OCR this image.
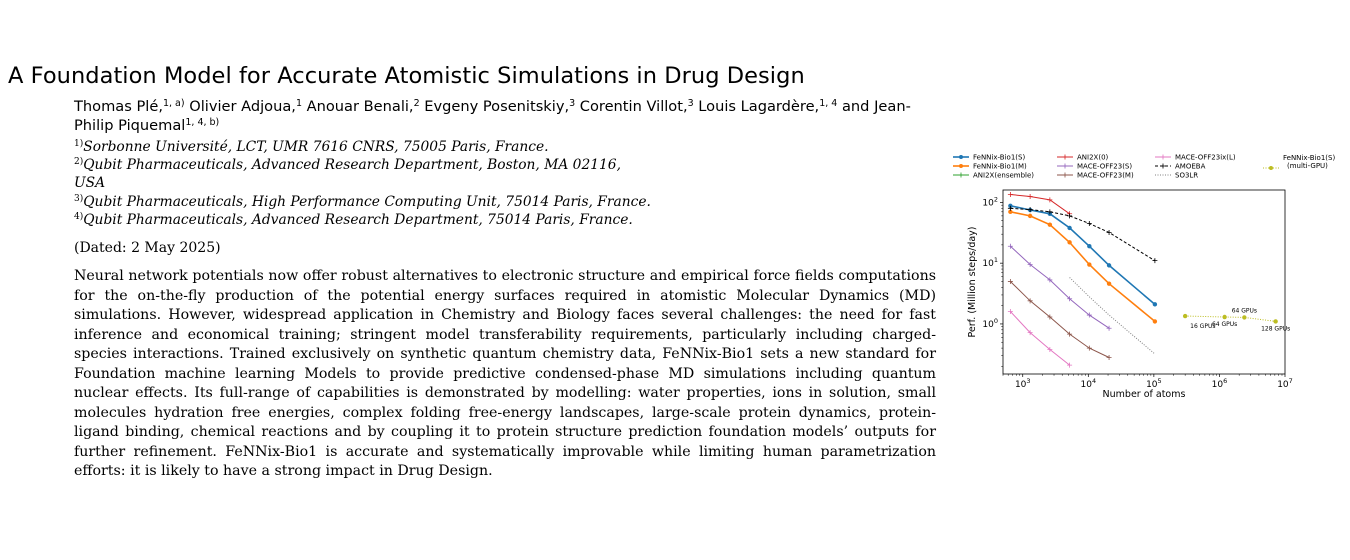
A Foundation Model for Accurate Atomistic Simulations in Drug Design
Thomas Plé,$^{1, a)}$ Olivier Adjoua,$^1$ Anouar Benali,$^2$ Evgeny Posenitskiy,$^3$ Corentin Villot,$^3$ Louis Lagardère,$^{1, 4}$ and Jean-Philip Piquemal$^{1, 4, b)}$
$^{1)}$Sorbonne Université, LCT, UMR 7616 CNRS, 75005 Paris, France.
$^{2)}$Qubit Pharmaceuticals, Advanced Research Department, Boston, MA 02116,
USA
$^{3)}$Qubit Pharmaceuticals, High Performance Computing Unit, 75014 Paris, France.
$^{4)}$Qubit Pharmaceuticals, Advanced Research Department, 75014 Paris, France.
(Dated: 2 May 2025)
Neural network potentials now offer robust alternatives to electronic structure and empirical force fields computations for the on-the-fly production of the potential energy surfaces required in atomistic Molecular Dynamics (MD) simulations. However, widespread application in Chemistry and Biology faces several challenges: the need for fast inference and economical training; stringent model transferability requirements, particularly including charged-species interactions. Trained exclusively on synthetic quantum chemistry data, FeNNix-Bio1 sets a new standard for Foundation machine learning Models to provide predictive condensed-phase MD simulations including quantum nuclear effects. Its full-range of capabilities is demonstrated by modelling: water properties, ions in solution, small molecules hydration free energies, complex folding free-energy landscapes, large-scale protein dynamics, protein-ligand binding, chemical reactions and by coupling it to protein structure prediction foundation models’ outputs for further refinement. FeNNix-Bio1 is accurate and systematically improvable while limiting human parametrization efforts: it is likely to have a strong impact in Drug Design.
$10^3$	$10^4$	$10^5$	$10^6$	$10^7$
$10^0$
$10^1$
$10^2$
Number of atoms
Perf. (Million steps/day)	16 GPUs
64 GPUs
64 GPUs
128 GPUs
FeNNix-Bio1(S)
FeNNix-Bio1(M)
ANI2X(ensemble)
ANI2X(0)
MACE-OFF23(S)
MACE-OFF23(M)
MACE-OFF23ix(L)
AMOEBA
SO3LR
FeNNix-Bio1(S) (multi-GPU)
